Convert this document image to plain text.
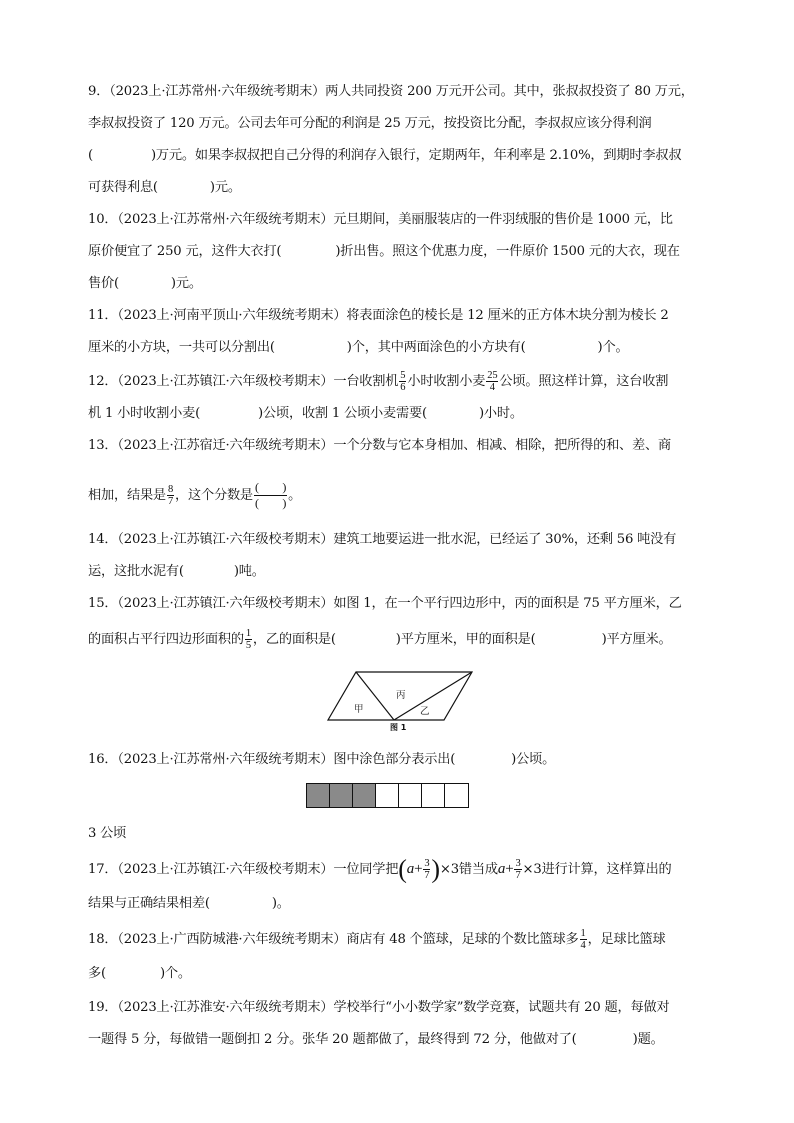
9．（2023上·江苏常州·六年级统考期末）两人共同投资 200 万元开公司。其中，张叔叔投资了 80 万元，
李叔叔投资了 120 万元。公司去年可分配的利润是 25 万元，按投资比分配，李叔叔应该分得利润
(	)万元。如果李叔叔把自己分得的利润存入银行，定期两年，年利率是 2.10%，到期时李叔叔
可获得利息(	)元。
10．（2023上·江苏常州·六年级统考期末）元旦期间，美丽服装店的一件羽绒服的售价是 1000 元，比
原价便宜了 250 元，这件大衣打(	)折出售。照这个优惠力度，一件原价 1500 元的大衣，现在
售价(	)元。
11．（2023上·河南平顶山·六年级统考期末）将表面涂色的棱长是 12 厘米的正方体木块分割为棱长 2
厘米的小方块，一共可以分割出(	)个，其中两面涂色的小方块有(	)个。
12．（2023上·江苏镇江·六年级校考期末）一台收割机 $\frac{5}{6}$ 小时收割小麦 $\frac{25}{4}$ 公顷。照这样计算，这台收割
机 1 小时收割小麦(	)公顷，收割 1 公顷小麦需要(	)小时。
13．（2023上·江苏宿迁·六年级统考期末）一个分数与它本身相加、相减、相除，把所得的和、差、商
相加，结果是 $\frac{8}{7}$ ，这个分数是 $\frac{( )}{( )}$ 。
14．（2023上·江苏镇江·六年级校考期末）建筑工地要运进一批水泥，已经运了 30%，还剩 56 吨没有
运，这批水泥有(	)吨。
15．（2023上·江苏镇江·六年级校考期末）如图 1，在一个平行四边形中，丙的面积是 75 平方厘米，乙
的面积占平行四边形面积的 $\frac{1}{5}$ ，乙的面积是(	)平方厘米，甲的面积是(	)平方厘米。
丙
甲	乙
图 1
16．（2023上·江苏常州·六年级统考期末）图中涂色部分表示出(	)公顷。
3 公顷
17．（2023上·江苏镇江·六年级校考期末）一位同学把$(a+ \frac{3}{7} )\times 3$错当成$a+ \frac{3}{7} \times 3$进行计算，这样算出的
结果与正确结果相差(	)。
18．（2023上·广西防城港·六年级统考期末）商店有 48 个篮球，足球的个数比篮球多 $\frac{1}{4}$ ，足球比篮球
多(	)个。
19．（2023上·江苏淮安·六年级统考期末）学校举行“小小数学家”数学竞赛，试题共有 20 题，每做对
一题得 5 分，每做错一题倒扣 2 分。张华 20 题都做了，最终得到 72 分，他做对了(	)题。
